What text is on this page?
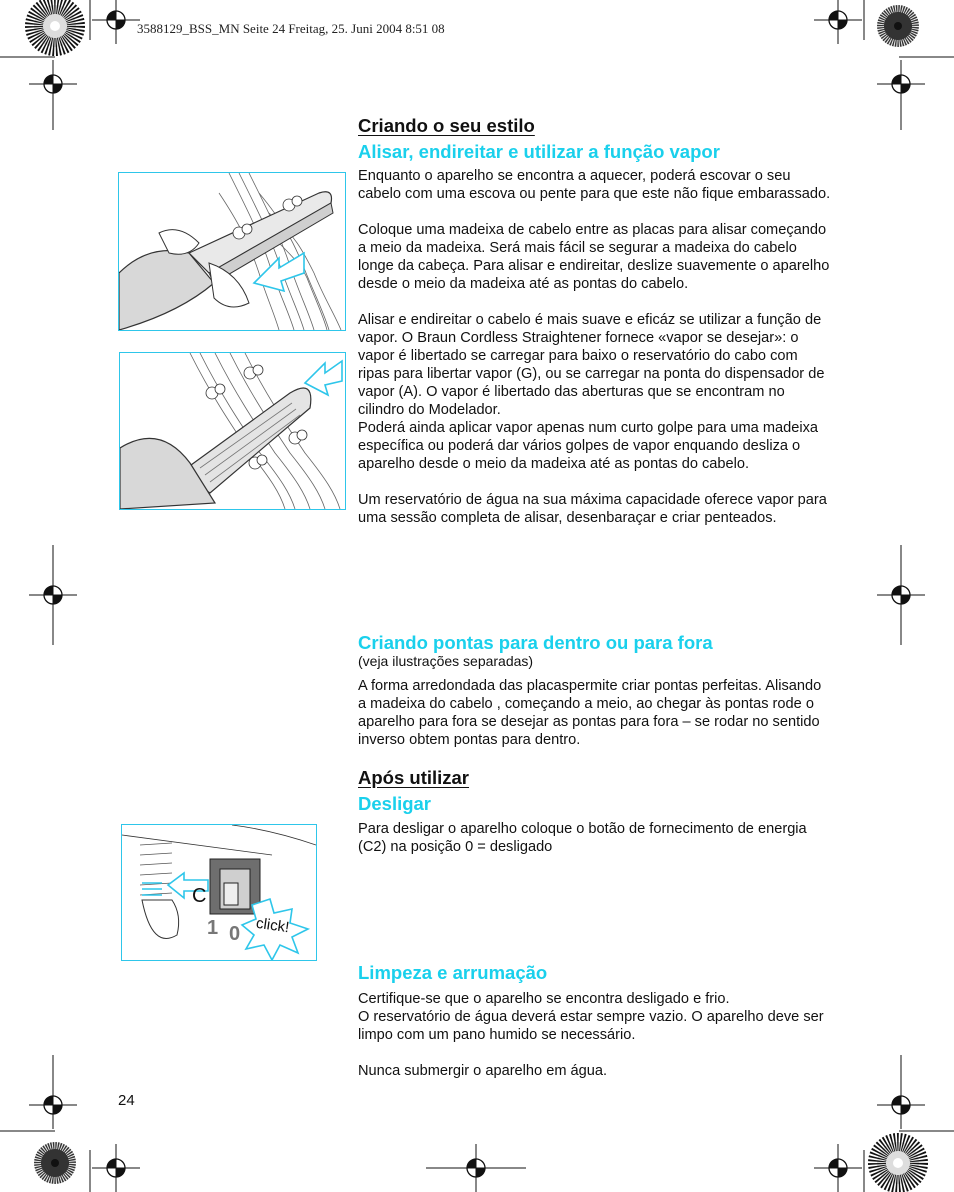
3588129_BSS_MN Seite 24 Freitag, 25. Juni 2004 8:51 08
Criando o seu estilo
Alisar, endireitar e utilizar a função vapor

Enquanto o aparelho se encontra a aquecer, poderá escovar o seu cabelo com uma escova ou pente para que este não fique embarassado.

Coloque uma madeixa de cabelo entre as placas para alisar começando a meio da madeixa. Será mais fácil se segurar a madeixa do cabelo longe da cabeça. Para alisar e endireitar, deslize suavemente o aparelho desde o meio da madeixa até as pontas do cabelo.

Alisar e endireitar o cabelo é mais suave e eficáz se utilizar a função de vapor. O Braun Cordless Straightener fornece «vapor se desejar»: o vapor é libertado se carregar para baixo o reservatório do cabo com ripas para libertar vapor (G), ou se carregar na ponta do dispensador de vapor (A). O vapor é libertado das aberturas que se encontram no cilindro do Modelador.

Poderá ainda aplicar vapor apenas num curto golpe para uma madeixa específica ou poderá dar vários golpes de vapor enquando desliza o aparelho desde o meio da madeixa até as pontas do cabelo.

Um reservatório de água na sua máxima capacidade oferece vapor para uma sessão completa de alisar, desenbaraçar e criar penteados.

Criando pontas para dentro ou para fora
(veja ilustrações separadas)
A forma arredondada das placaspermite criar pontas perfeitas. Alisando a madeixa do cabelo , começando a meio, ao chegar às pontas rode o aparelho para fora se desejar as pontas para fora – se rodar no sentido inverso obtem pontas para dentro.
Após utilizar
Desligar
Para desligar o aparelho coloque o botão de fornecimento de energia (C2) na posição 0 = desligado
Limpeza e arrumação

Certifique-se que o aparelho se encontra desligado e frio.

O reservatório de água deverá estar sempre vazio. O aparelho deve ser limpo com um pano humido se necessário.

Nunca submergir o aparelho em água.

C
1 0 click!
24
